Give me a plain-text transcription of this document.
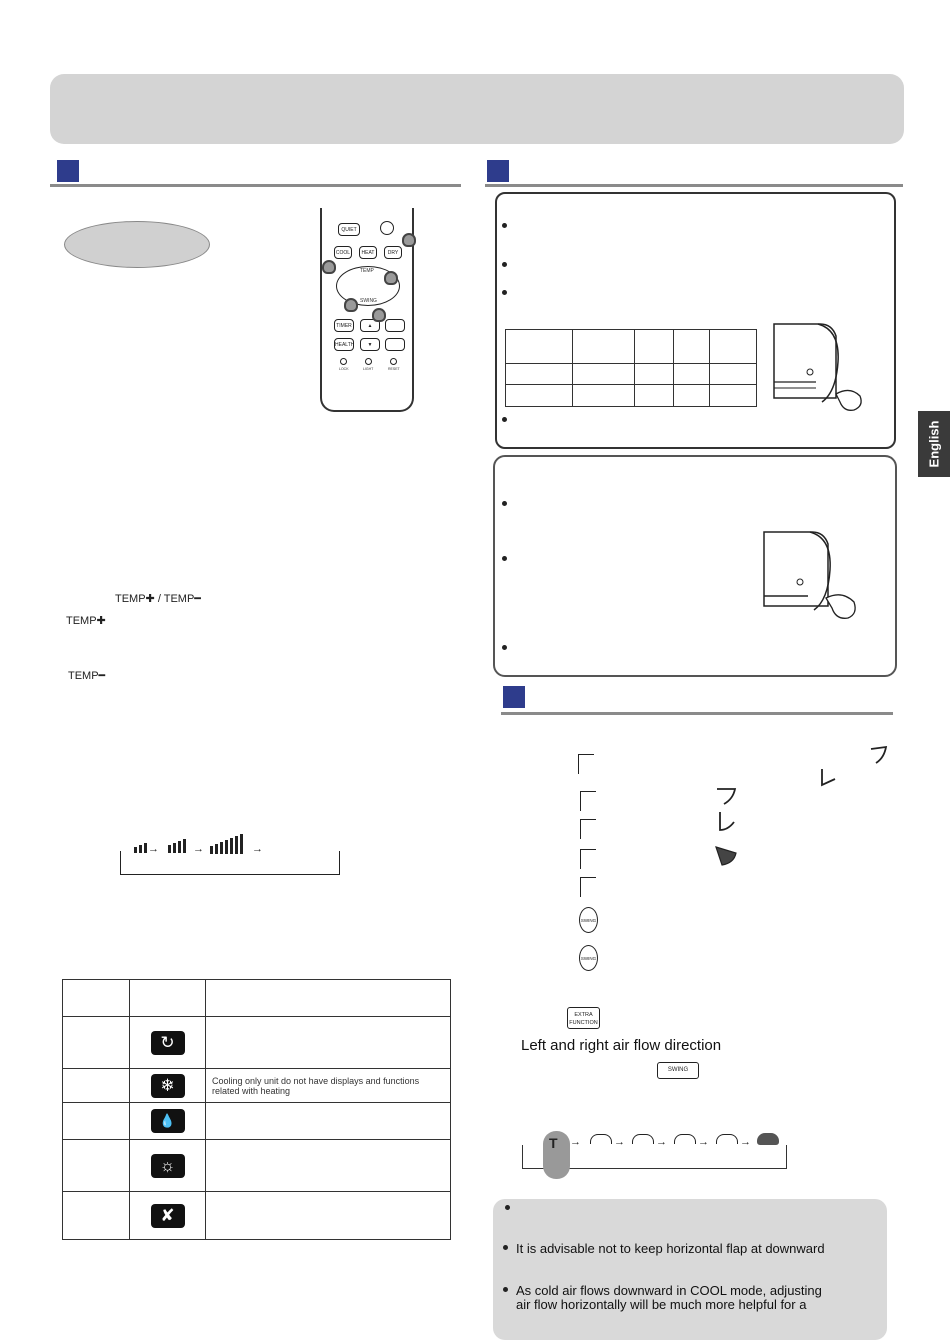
QUIET
COOL	HEAT	DRY
TEMP
SWING
TIMER	▲
HEALTH	▼
LOCK	LIGHT	RESET
TEMP✚ / TEMP━
TEMP✚
TEMP━
→	→	→

	↻	
	❄	Cooling only unit do not have displays and functions related with heating
	💧	
	☼	
	✘	

English
SWING
SWING
EXTRA
FUNCTION
Left and right air flow direction
SWING
T →	→	→	→	→
It is advisable not to keep horizontal flap at downward
As cold air flows downward in COOL mode, adjusting
air flow horizontally will be much more helpful for a
